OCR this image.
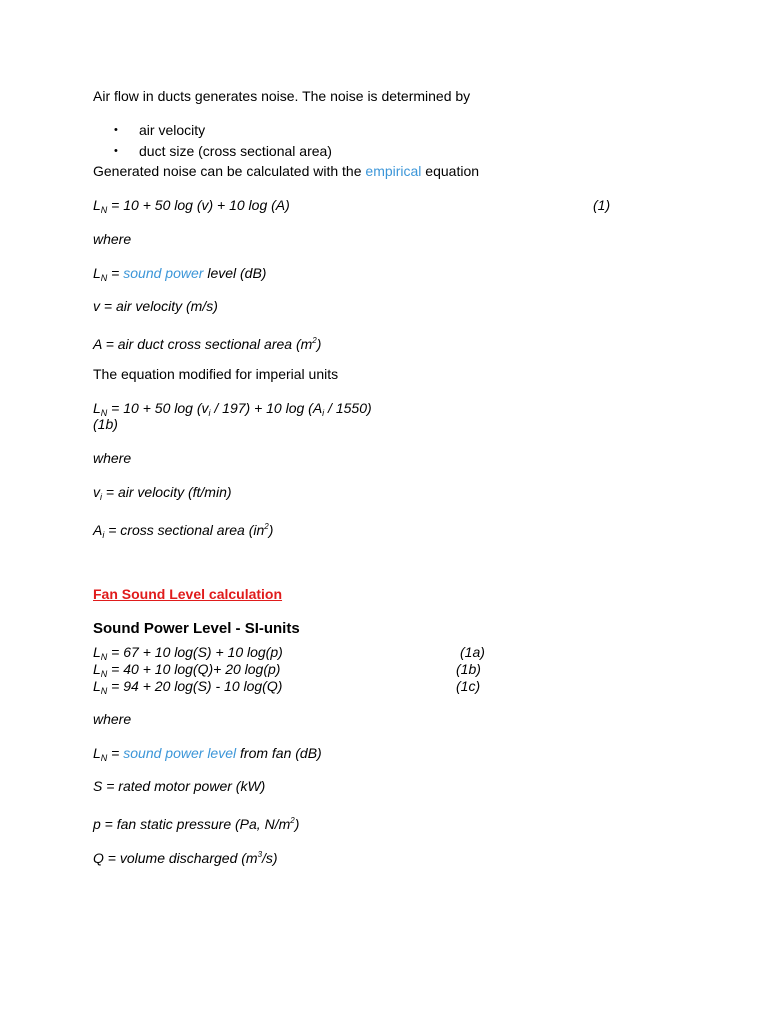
Air flow in ducts generates noise. The noise is determined by
• air velocity
• duct size (cross sectional area)
Generated noise can be calculated with the empirical equation
$L_N = 10 + 50$ log (v) + 10 log (A)	(1)
where
$L_N$ = sound power level (dB)
v = air velocity (m/s)
A = air duct cross sectional area $(m^2)$
The equation modified for imperial units
$L_N = 10 + 50$ $\log (v_i / 197) + 10$ $\log (A_i / 1550)$
(1b)
where
$v_i$ = air velocity (ft/min)
$A_i$ = cross sectional area $(in^2)$
Fan Sound Level calculation
Sound Power Level - SI-units
$L_N = 67 + 10$ log(S) + 10 log(p)	(1a)
$L_N = 40 + 10$ log(Q)+ 20 log(p)	(1b)
$L_N = 94 + 20$ log(S) - 10 log(Q)	(1c)
where
$L_N$ = sound power level from fan (dB)
S = rated motor power (kW)
p = fan static pressure (Pa, $N/m^2$)
Q = volume discharged $(m^3/s)$
